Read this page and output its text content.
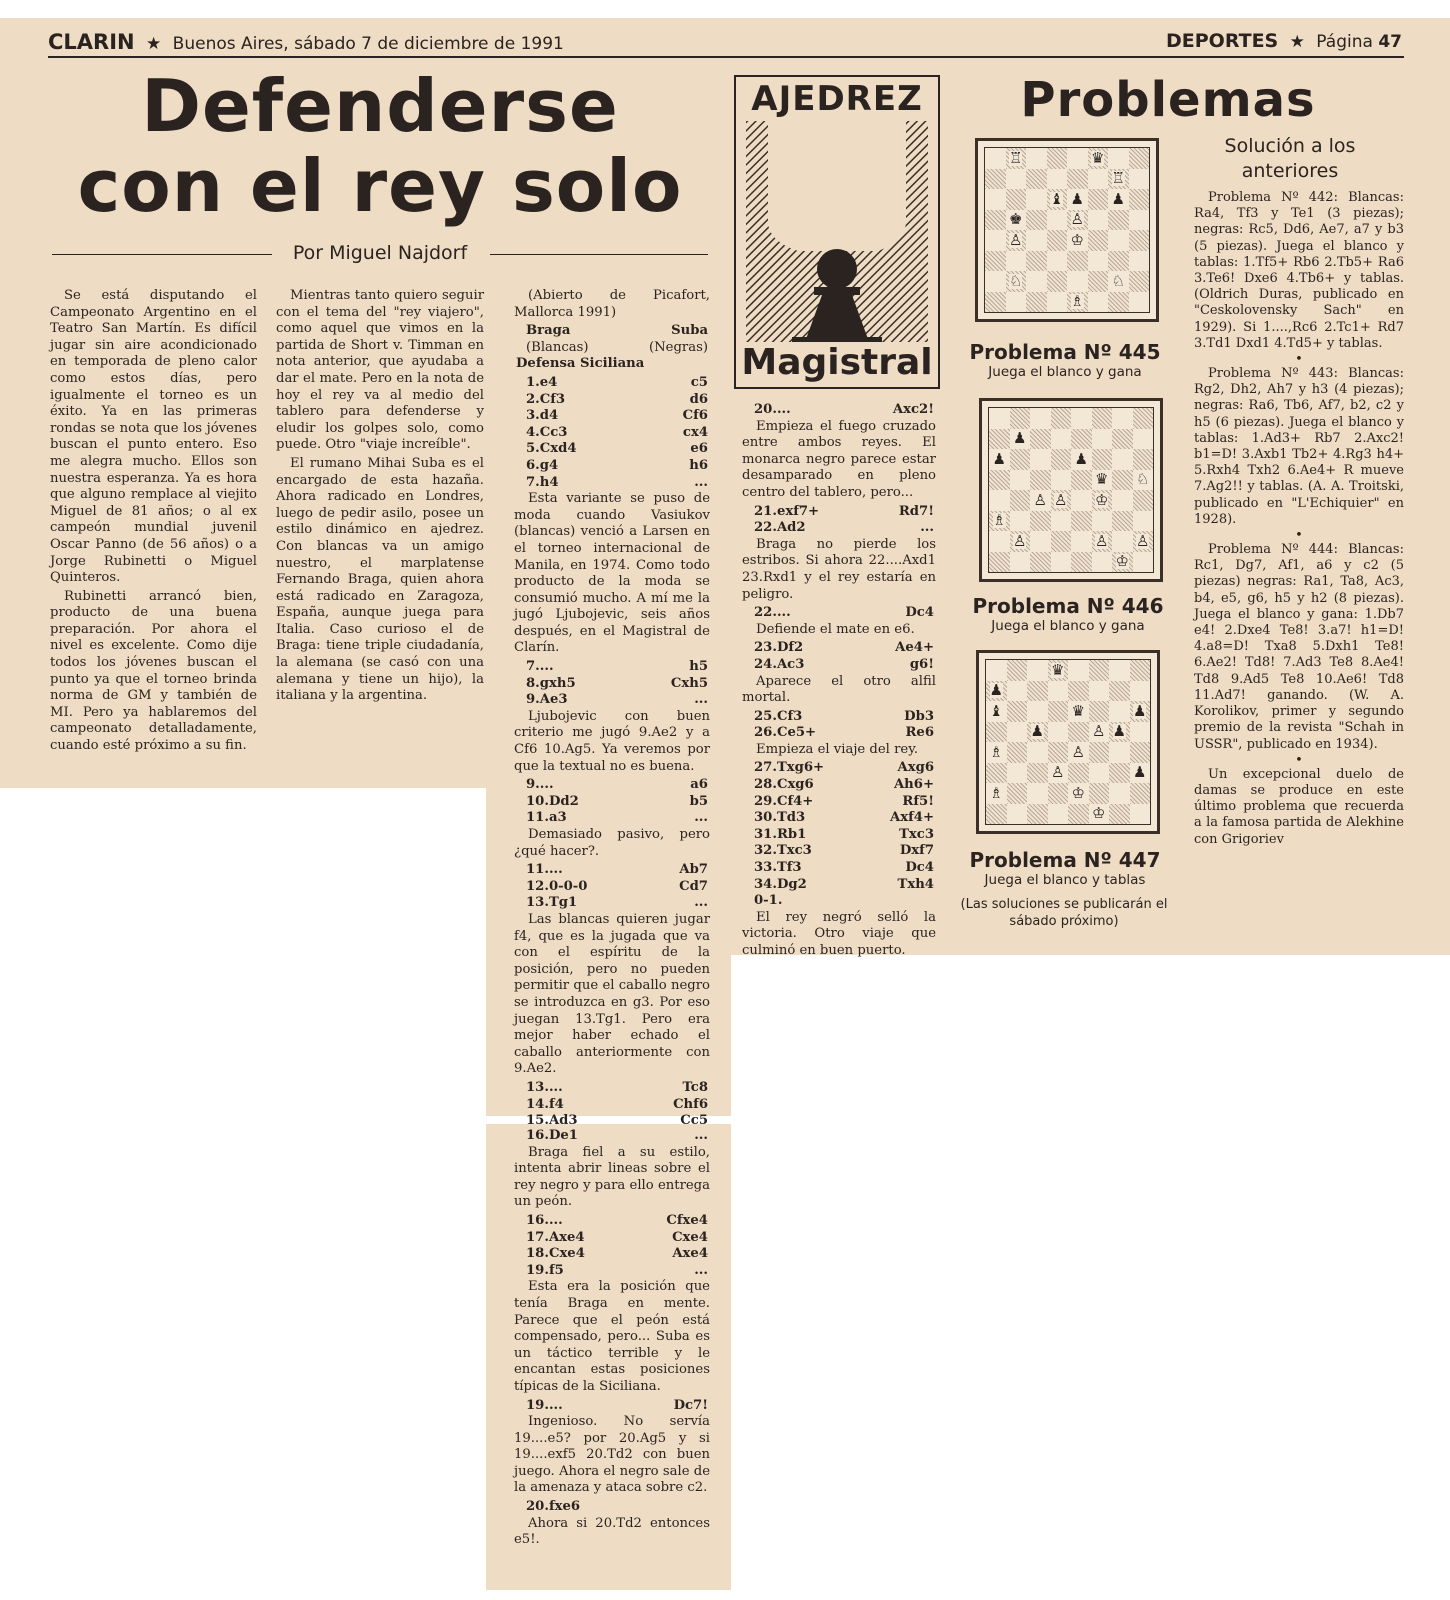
CLARIN ★ Buenos Aires, sábado 7 de diciembre de 1991	DEPORTES ★ Página 47
Defenderse
con el rey solo
Por Miguel Najdorf

Se está disputando el Campeonato Argentino en el Teatro San Martín. Es difícil jugar sin aire acondicionado en temporada de pleno calor como estos días, pero igualmente el torneo es un éxito. Ya en las primeras rondas se nota que los jóvenes buscan el punto entero. Eso me alegra mucho. Ellos son nuestra esperanza. Ya es hora que alguno remplace al viejito Miguel de 81 años; o al ex campeón mundial juvenil Oscar Panno (de 56 años) o a Jorge Rubinetti o Miguel Quinteros.

Rubinetti arrancó bien, producto de una buena preparación. Por ahora el nivel es excelente. Como dije todos los jóvenes buscan el punto ya que el torneo brinda norma de GM y también de MI. Pero ya hablaremos del campeonato detalladamente, cuando esté próximo a su fin.

Mientras tanto quiero seguir con el tema del "rey viajero", como aquel que vimos en la partida de Short v. Timman en nota anterior, que ayudaba a dar el mate. Pero en la nota de hoy el rey va al medio del tablero para defenderse y eludir los golpes solo, como puede. Otro "viaje increíble".

El rumano Mihai Suba es el encargado de esta hazaña. Ahora radicado en Londres, luego de pedir asilo, posee un estilo dinámico en ajedrez. Con blancas va un amigo nuestro, el marplatense Fernando Braga, quien ahora está radicado en Zaragoza, España, aunque juega para Italia. Caso curioso el de Braga: tiene triple ciudadanía, la alemana (se casó con una alemana y tiene un hijo), la italiana y la argentina.

(Abierto de Picafort, Mallorca 1991)
Braga	Suba
(Blancas)	(Negras)
Defensa Siciliana
1.e4	c5
2.Cf3	d6
3.d4	Cf6
4.Cc3	cx4
5.Cxd4	e6
6.g4	h6
7.h4	...
Esta variante se puso de moda cuando Vasiukov (blancas) venció a Larsen en el torneo internacional de Manila, en 1974. Como todo producto de la moda se consumió mucho. A mí me la jugó Ljubojevic, seis años después, en el Magistral de Clarín.
7....	h5
8.gxh5	Cxh5
9.Ae3	...
Ljubojevic con buen criterio me jugó 9.Ae2 y a Cf6 10.Ag5. Ya veremos por que la textual no es buena.
9....	a6
10.Dd2	b5
11.a3	...
Demasiado pasivo, pero ¿qué hacer?.
11....	Ab7
12.0-0-0	Cd7
13.Tg1	...
Las blancas quieren jugar f4, que es la jugada que va con el espíritu de la posición, pero no pueden permitir que el caballo negro se introduzca en g3. Por eso juegan 13.Tg1. Pero era mejor haber echado el caballo anteriormente con 9.Ae2.
13....	Tc8
14.f4	Chf6
15.Ad3	Cc5
16.De1	...
Braga fiel a su estilo, intenta abrir lineas sobre el rey negro y para ello entrega un peón.
16....	Cfxe4
17.Axe4	Cxe4
18.Cxe4	Axe4
19.f5	...
Esta era la posición que tenía Braga en mente. Parece que el peón está compensado, pero... Suba es un táctico terrible y le encantan estas posiciones típicas de la Siciliana.
19....	Dc7!
Ingenioso. No servía 19....e5? por 20.Ag5 y si 19....exf5 20.Td2 con buen juego. Ahora el negro sale de la amenaza y ataca sobre c2.
20.fxe6
Ahora si 20.Td2 entonces e5!.
20....	Axc2!
Empieza el fuego cruzado entre ambos reyes. El monarca negro parece estar desamparado en pleno centro del tablero, pero...
21.exf7+	Rd7!
22.Ad2	...
Braga no pierde los estribos. Si ahora 22....Axd1 23.Rxd1 y el rey estaría en peligro.
22....	Dc4
Defiende el mate en e6.
23.Df2	Ae4+
24.Ac3	g6!
Aparece el otro alfil mortal.
25.Cf3	Db3
26.Ce5+	Re6
Empieza el viaje del rey.
27.Txg6+	Axg6
28.Cxg6	Ah6+
29.Cf4+	Rf5!
30.Td3	Axf4+
31.Rb1	Txc3
32.Txc3	Dxf7
33.Tf3	Dc4
34.Dg2	Txh4
0-1.
El rey negró selló la victoria. Otro viaje que culminó en buen puerto.
AJEDREZ
Magistral
Problemas
♖	♛
♖
♝ ♟ ♟
♚	♙
♙	♔
♘	♘
♗
Problema Nº 445
Juega el blanco y gana
♟
♟	♟
♛ ♘
♙ ♙ ♔
♗
♙	♙ ♙
♔
Problema Nº 446
Juega el blanco y gana
♛
♟
♝	♛	♟
♟	♙ ♟
♗	♙
♙	♟
♗	♔
♔
Problema Nº 447
Juega el blanco y tablas
(Las soluciones se publicarán el sábado próximo)
Solución a los anteriores

Problema Nº 442: Blancas: Ra4, Tf3 y Te1 (3 piezas); negras: Rc5, Dd6, Ae7, a7 y b3 (5 piezas). Juega el blanco y tablas: 1.Tf5+ Rb6 2.Tb5+ Ra6 3.Te6! Dxe6 4.Tb6+ y tablas. (Oldrich Duras, publicado en "Ceskolovensky Sach" en 1929). Si 1....,Rc6 2.Tc1+ Rd7 3.Td1 Dxd1 4.Td5+ y tablas.

•

Problema Nº 443: Blancas: Rg2, Dh2, Ah7 y h3 (4 piezas); negras: Ra6, Tb6, Af7, b2, c2 y h5 (6 piezas). Juega el blanco y tablas: 1.Ad3+ Rb7 2.Axc2! b1=D! 3.Axb1 Tb2+ 4.Rg3 h4+ 5.Rxh4 Txh2 6.Ae4+ R mueve 7.Ag2!! y tablas. (A. A. Troitski, publicado en "L'Echiquier" en 1928).

•

Problema Nº 444: Blancas: Rc1, Dg7, Af1, a6 y c2 (5 piezas) negras: Ra1, Ta8, Ac3, b4, e5, g6, h5 y h2 (8 piezas). Juega el blanco y gana: 1.Db7 e4! 2.Dxe4 Te8! 3.a7! h1=D! 4.a8=D! Txa8 5.Dxh1 Te8! 6.Ae2! Td8! 7.Ad3 Te8 8.Ae4! Td8 9.Ad5 Te8 10.Ae6! Td8 11.Ad7! ganando. (W. A. Korolikov, primer y segundo premio de la revista "Schah in USSR", publicado en 1934).

•

Un excepcional duelo de damas se produce en este último problema que recuerda a la famosa partida de Alekhine con Grigoriev
